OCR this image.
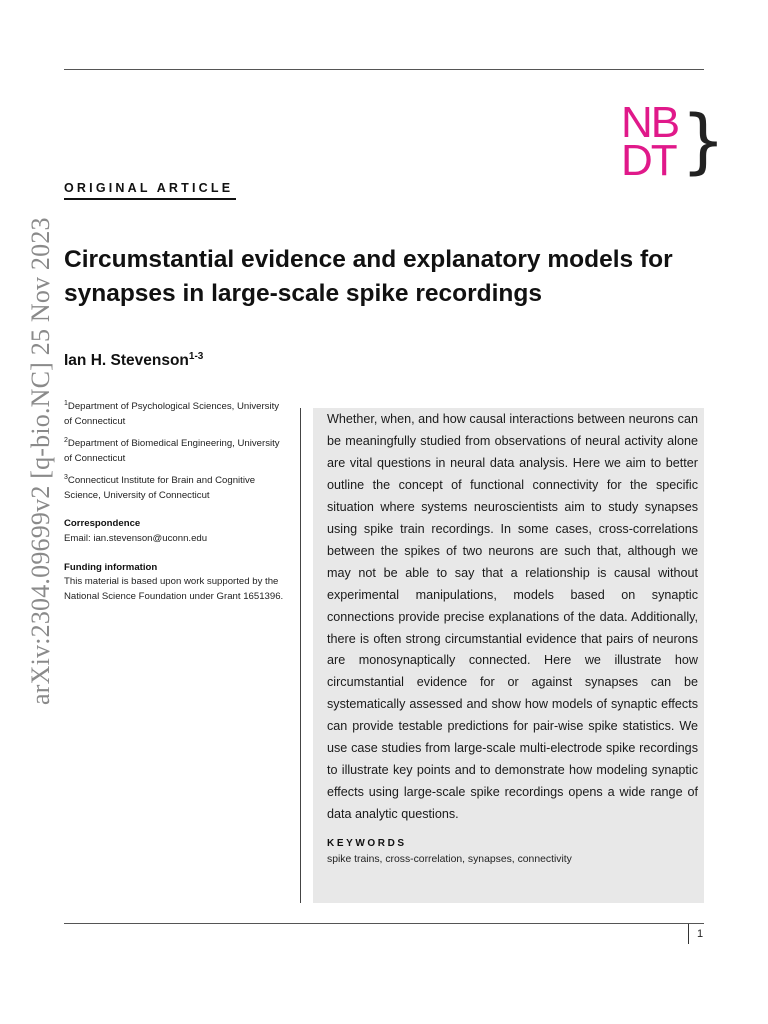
arXiv:2304.09699v2 [q-bio.NC] 25 Nov 2023
NB
DT }
ORIGINAL ARTICLE
Circumstantial evidence and explanatory models for synapses in large-scale spike recordings
Ian H. Stevenson$^{1-3}$
$^1$Department of Psychological Sciences, University of Connecticut
$^2$Department of Biomedical Engineering, University of Connecticut
$^3$Connecticut Institute for Brain and Cognitive Science, University of Connecticut
Correspondence
Email: ian.stevenson@uconn.edu
Funding information
This material is based upon work supported by the National Science Foundation under Grant 1651396.

Whether, when, and how causal interactions between neurons can be meaningfully studied from observations of neural activity alone are vital questions in neural data analysis. Here we aim to better outline the concept of functional connectivity for the specific situation where systems neuroscientists aim to study synapses using spike train recordings. In some cases, cross-correlations between the spikes of two neurons are such that, although we may not be able to say that a relationship is causal without experimental manipulations, models based on synaptic connections provide precise explanations of the data. Additionally, there is often strong circumstantial evidence that pairs of neurons are monosynaptically connected. Here we illustrate how circumstantial evidence for or against synapses can be systematically assessed and show how models of synaptic effects can provide testable predictions for pair-wise spike statistics. We use case studies from large-scale multi-electrode spike recordings to illustrate key points and to demonstrate how modeling synaptic effects using large-scale spike recordings opens a wide range of data analytic questions.

KEYWORDS
spike trains, cross-correlation, synapses, connectivity
1
